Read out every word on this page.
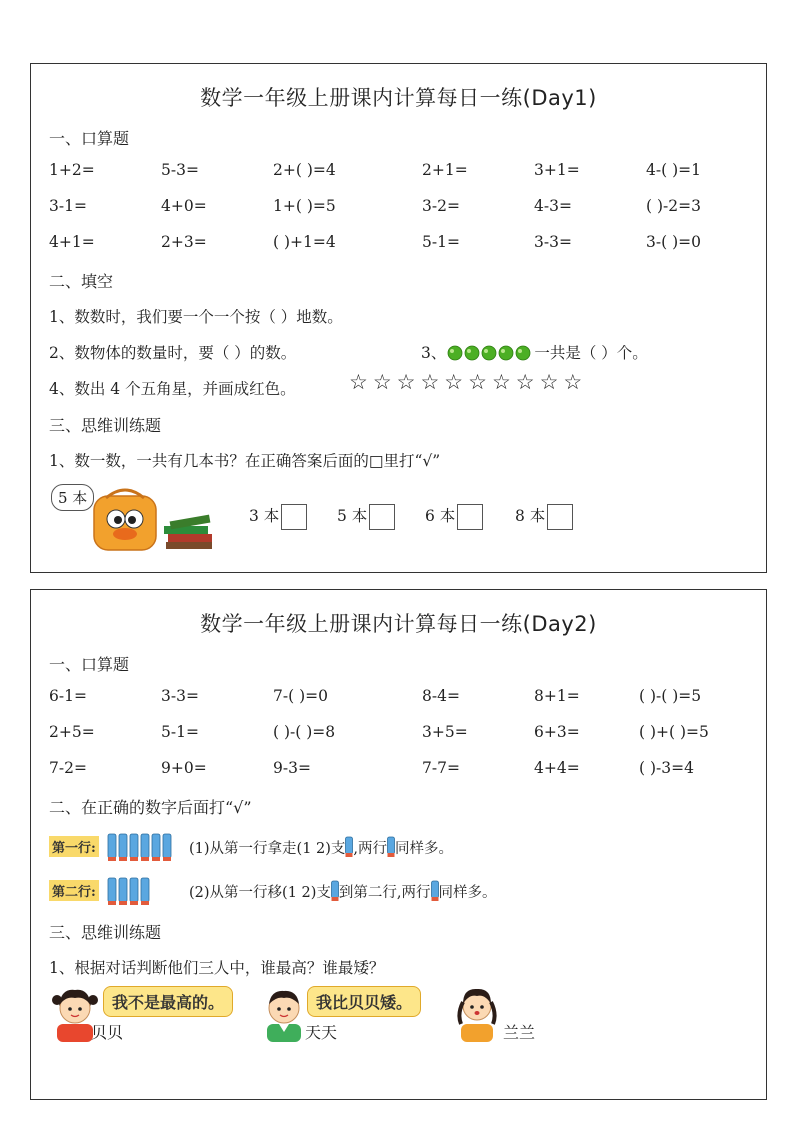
数学一年级上册课内计算每日一练(Day1)
一、口算题
1+2=	5-3=	2+( )=4	2+1=	3+1=	4-( )=1
3-1=	4+0=	1+( )=5	3-2=	4-3=	( )-2=3
4+1=	2+3=	( )+1=4	5-1=	3-3=	3-( )=0
二、填空
1、数数时，我们要一个一个按（ ）地数。
2、数物体的数量时，要（ ）的数。	3、	一共是（ ）个。
4、数出 4 个五角星，并画成红色。	☆☆☆☆☆☆☆☆☆☆
三、思维训练题
1、数一数，一共有几本书？在正确答案后面的□里打“√”
5 本
3 本	5 本	6 本	8 本
数学一年级上册课内计算每日一练(Day2)
一、口算题
6-1=	3-3=	7-( )=0	8-4=	8+1=	( )-( )=5
2+5=	5-1=	( )-( )=8	3+5=	6+3=	( )+( )=5
7-2=	9+0=	9-3=	7-7=	4+4=	( )-3=4
二、在正确的数字后面打“√”
第一行:	(1)从第一行拿走(1 2)支 ,两行 同样多。
第二行:	(2)从第一行移(1 2)支 到第二行,两行 同样多。
三、思维训练题
1、根据对话判断他们三人中，谁最高？谁最矮？
我不是最高的。
贝贝
我比贝贝矮。
天天	兰兰
